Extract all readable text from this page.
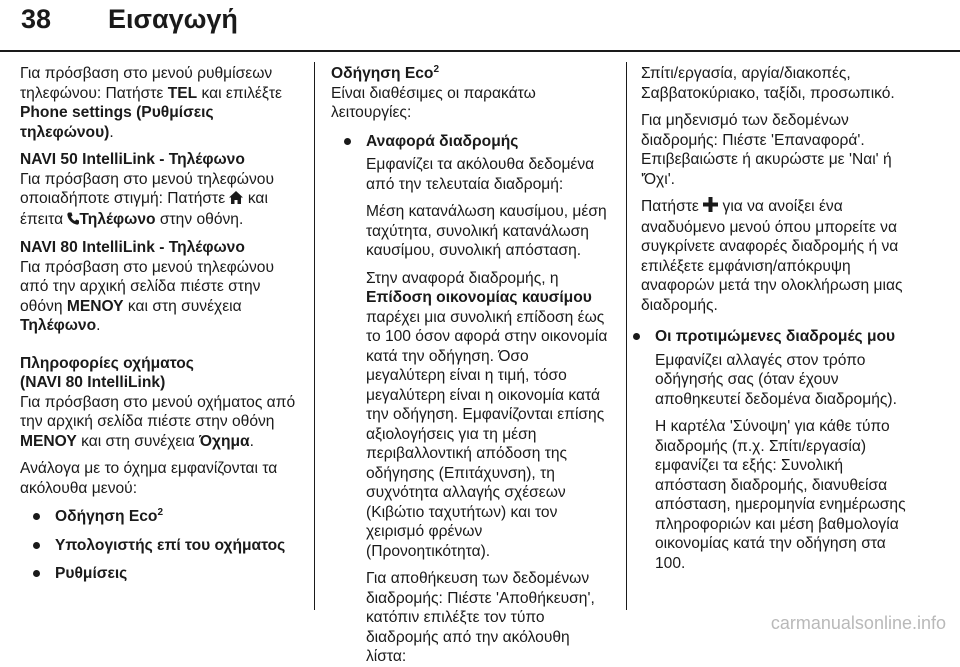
38 Εισαγωγή

Για πρόσβαση στο μενού ρυθμίσεων τηλεφώνου: Πατήστε TEL και επιλέξτε Phone settings (Ρυθμίσεις τηλεφώνου).

NAVI 50 IntelliLink - Τηλέφωνο

Για πρόσβαση στο μενού τηλεφώνου οποιαδήποτε στιγμή: Πατήστε  και έπειτα Τηλέφωνο στην οθόνη.

NAVI 80 IntelliLink - Τηλέφωνο

Για πρόσβαση στο μενού τηλεφώνου από την αρχική σελίδα πιέστε στην οθόνη ΜΕΝΟΥ και στη συνέχεια Τηλέφωνο.

Πληροφορίες οχήματος

(NAVI 80 IntelliLink)

Για πρόσβαση στο μενού οχήματος από την αρχική σελίδα πιέστε στην οθόνη ΜΕΝΟΥ και στη συνέχεια Όχημα.

Ανάλογα με το όχημα εμφανίζονται τα ακόλουθα μενού:

Οδήγηση Eco$^2$
Υπολογιστής επί του οχήματος
Ρυθμίσεις

Οδήγηση Eco$^2$

Είναι διαθέσιμες οι παρακάτω λειτουργίες:

Αναφορά διαδρομής

Εμφανίζει τα ακόλουθα δεδομένα από την τελευταία διαδρομή:

Μέση κατανάλωση καυσίμου, μέση ταχύτητα, συνολική κατανάλωση καυσίμου, συνολική απόσταση.

Στην αναφορά διαδρομής, η Επίδοση οικονομίας καυσίμου παρέχει μια συνολική επίδοση έως το 100 όσον αφορά στην οικονομία κατά την οδήγηση. Όσο μεγαλύτερη είναι η τιμή, τόσο μεγαλύτερη είναι η οικονομία κατά την οδήγηση. Εμφανίζονται επίσης αξιολογήσεις για τη μέση περιβαλλοντική απόδοση της οδήγησης (Επιτάχυνση), τη συχνότητα αλλαγής σχέσεων (Κιβώτιο ταχυτήτων) και τον χειρισμό φρένων (Προνοητικότητα).

Για αποθήκευση των δεδομένων διαδρομής: Πιέστε 'Αποθήκευση', κατόπιν επιλέξτε τον τύπο διαδρομής από την ακόλουθη λίστα:

Σπίτι/εργασία, αργία/διακοπές, Σαββατοκύριακο, ταξίδι, προσωπικό.

Για μηδενισμό των δεδομένων διαδρομής: Πιέστε 'Επαναφορά'. Επιβεβαιώστε ή ακυρώστε με 'Ναι' ή 'Όχι'.

Πατήστε  για να ανοίξει ένα αναδυόμενο μενού όπου μπορείτε να συγκρίνετε αναφορές διαδρομής ή να επιλέξετε εμφάνιση/απόκρυψη αναφορών μετά την ολοκλήρωση μιας διαδρομής.

Οι προτιμώμενες διαδρομές μου

Εμφανίζει αλλαγές στον τρόπο οδήγησής σας (όταν έχουν αποθηκευτεί δεδομένα διαδρομής).

Η καρτέλα 'Σύνοψη' για κάθε τύπο διαδρομής (π.χ. Σπίτι/εργασία) εμφανίζει τα εξής: Συνολική απόσταση διαδρομής, διανυθείσα απόσταση, ημερομηνία ενημέρωσης πληροφοριών και μέση βαθμολογία οικονομίας κατά την οδήγηση στα 100.

carmanualsonline.info
